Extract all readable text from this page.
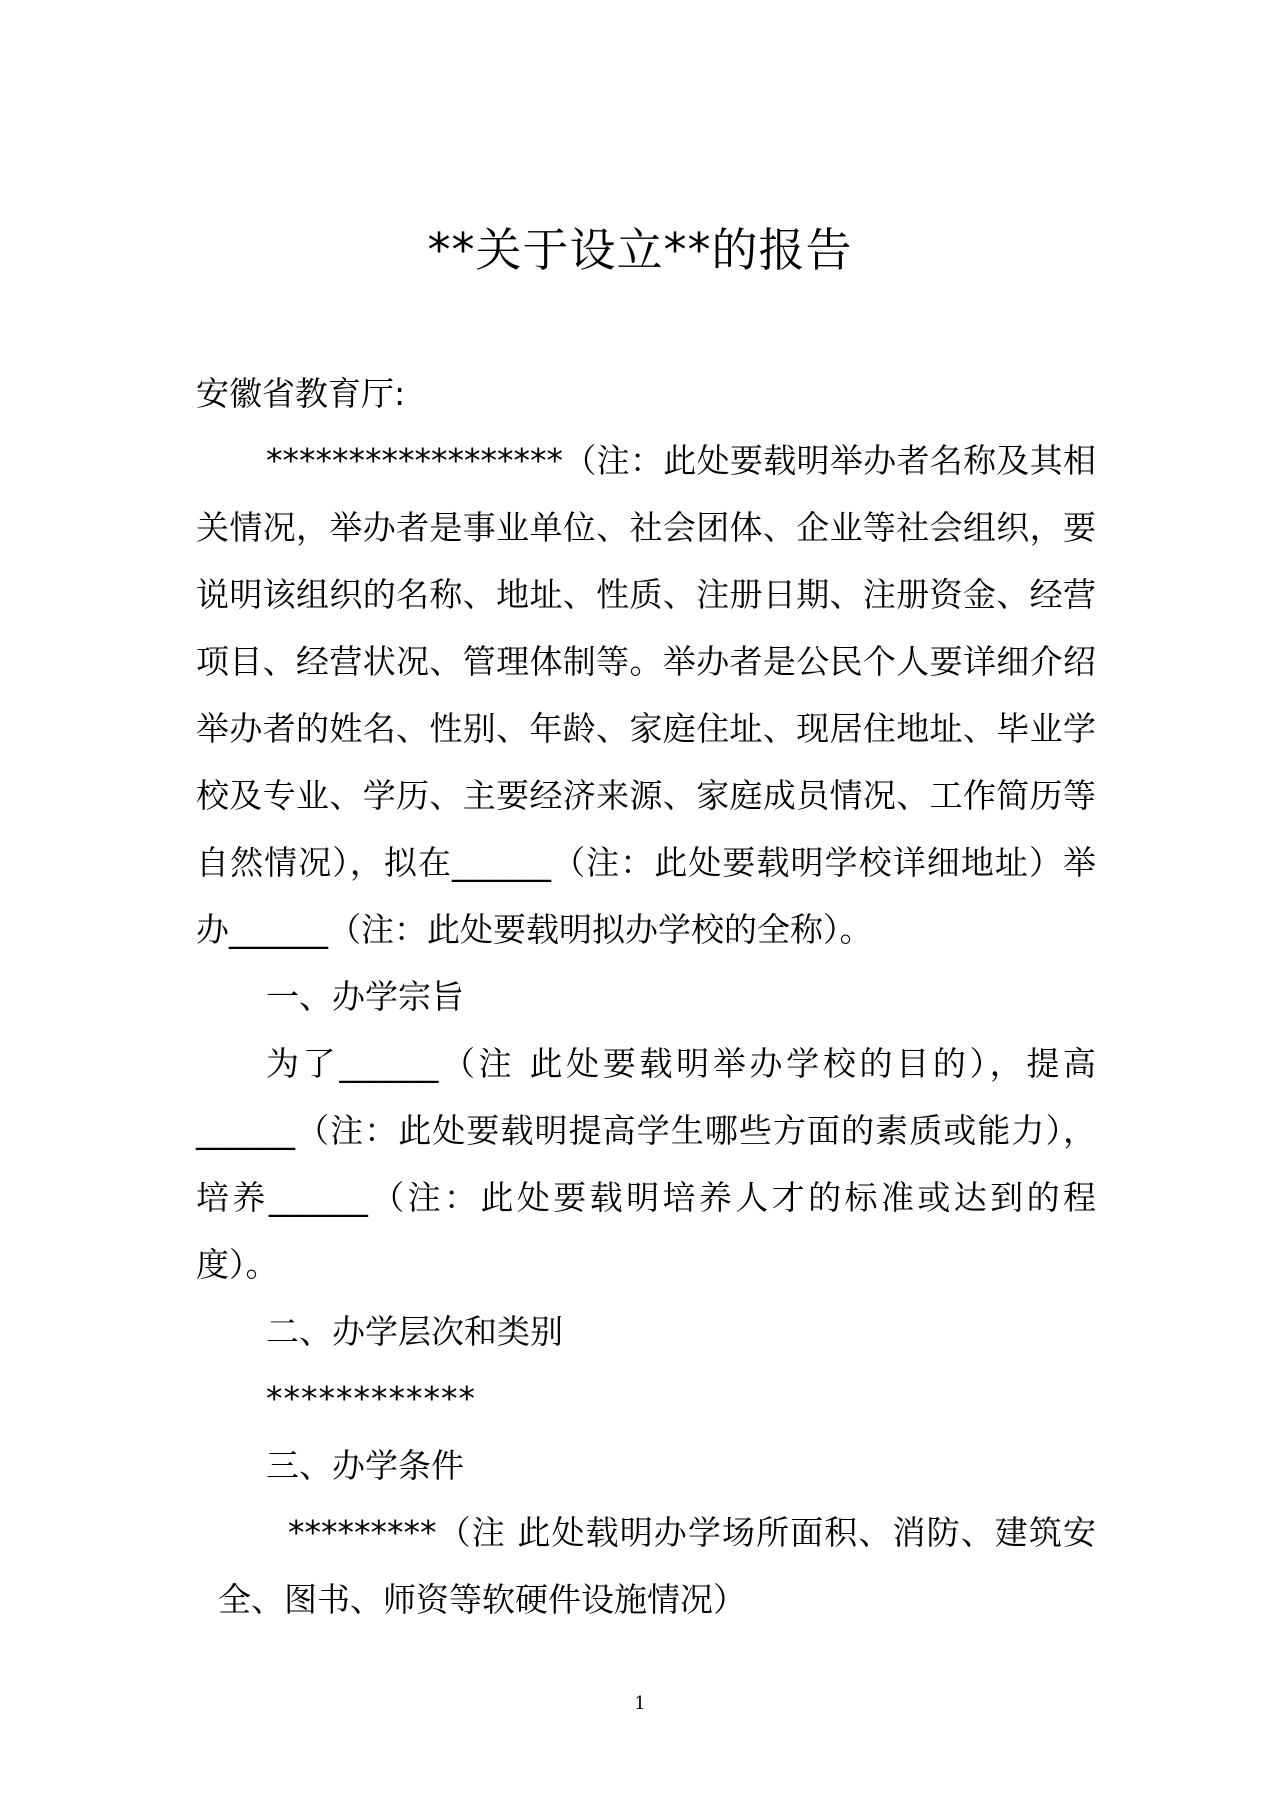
**关于设立**的报告

安徽省教育厅:

******************（注：此处要载明举办者名称及其相关情况，举办者是事业单位、社会团体、企业等社会组织，要说明该组织的名称、地址、性质、注册日期、注册资金、经营项目、经营状况、管理体制等。举办者是公民个人要详细介绍举办者的姓名、性别、年龄、家庭住址、现居住地址、毕业学校及专业、学历、主要经济来源、家庭成员情况、工作简历等自然情况），拟在______（注：此处要载明学校详细地址）举办______（注：此处要载明拟办学校的全称）。

一、办学宗旨

为了______（注 此处要载明举办学校的目的），提高______（注：此处要载明提高学生哪些方面的素质或能力），培养______（注：此处要载明培养人才的标准或达到的程度）。

二、办学层次和类别

************

三、办学条件

*********（注 此处载明办学场所面积、消防、建筑安全、图书、师资等软硬件设施情况）

1
